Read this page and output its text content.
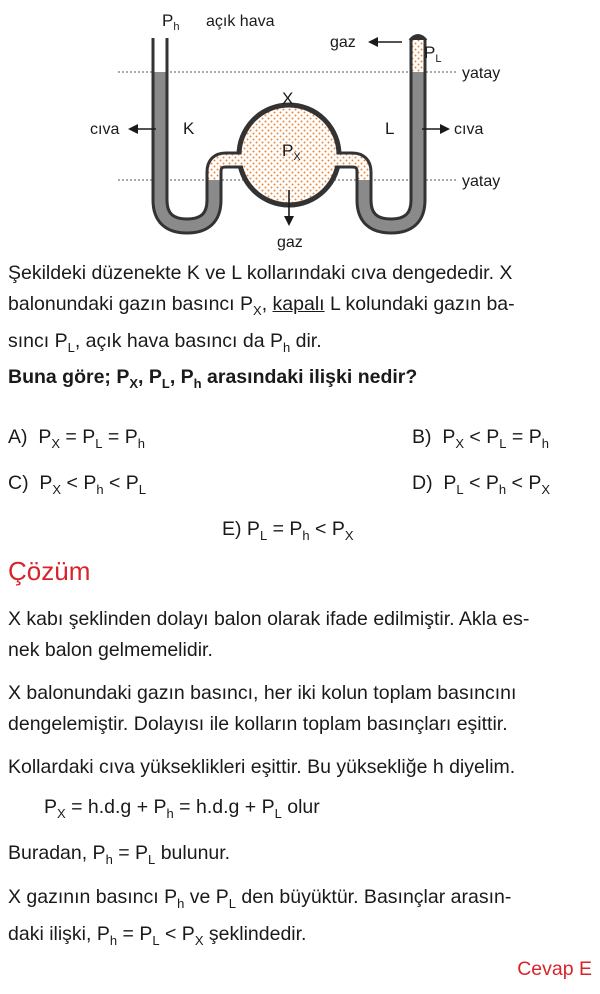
$P_h$ açık hava
gaz
$P_L$
yatay
X
cıva	K	L	cıva
$P_X$
yatay
gaz
Şekildeki düzenekte K ve L kollarındaki cıva dengededir. X
balonundaki gazın basıncı $P_X$, kapalı L kolundaki gazın ba-
sıncı $P_L$, açık hava basıncı da $P_h$ dir.
Buna göre; $P_X$, $P_L$, $P_h$ arasındaki ilişki nedir?
A)  $P_X = P_L = P_h$	B)  $P_X < P_L = P_h$
C)  $P_X < P_h < P_L$	D)  $P_L < P_h < P_X$
E) $P_L = P_h < P_X$
Çözüm
X kabı şeklinden dolayı balon olarak ifade edilmiştir. Akla es-
nek balon gelmemelidir.
X balonundaki gazın basıncı, her iki kolun toplam basıncını
dengelemiştir. Dolayısı ile kolların toplam basınçları eşittir.
Kollardaki cıva yükseklikleri eşittir. Bu yüksekliğe h diyelim.
$P_X = h.d.g + P_h = h.d.g + P_L$ olur
Buradan, $P_h = P_L$ bulunur.
X gazının basıncı $P_h$ ve $P_L$ den büyüktür. Basınçlar arasın-
daki ilişki, $P_h = P_L < P_X$ şeklindedir.
Cevap E
